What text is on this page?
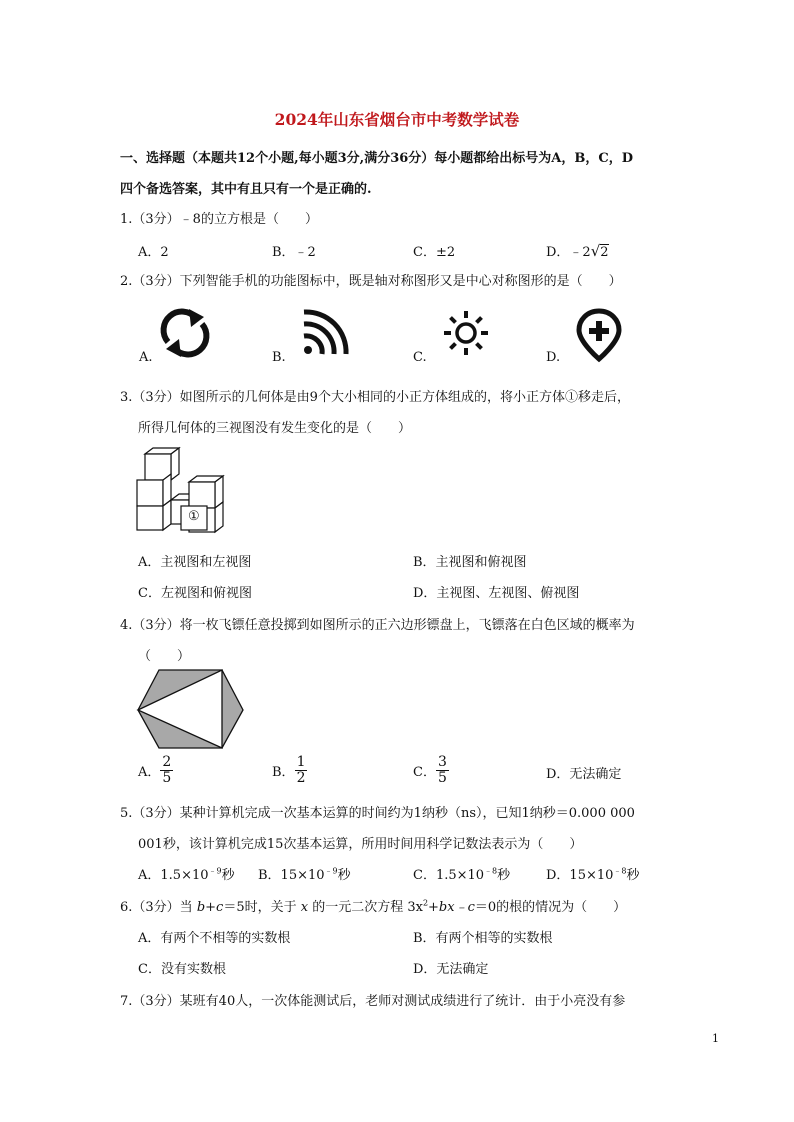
2024年山东省烟台市中考数学试卷
一、选择题（本题共12个小题,每小题3分,满分36分）每小题都给出标号为A，B，C，D
四个备选答案，其中有且只有一个是正确的.
1.（3分）﹣8的立方根是（　　）
A．2	B．﹣2	C．±2	D．﹣2√2
2.（3分）下列智能手机的功能图标中，既是轴对称图形又是中心对称图形的是（　　）
A.	B.	C.	D.
3.（3分）如图所示的几何体是由9个大小相同的小正方体组成的，将小正方体①移走后，
所得几何体的三视图没有发生变化的是（　　）
①
A．主视图和左视图	B．主视图和俯视图
C．左视图和俯视图	D．主视图、左视图、俯视图
4.（3分）将一枚飞镖任意投掷到如图所示的正六边形镖盘上，飞镖落在白色区域的概率为
（　　）
A． $\frac{2}{5}$	B． $\frac{1}{2}$	C． $\frac{3}{5}$	D．无法确定
5.（3分）某种计算机完成一次基本运算的时间约为1纳秒（ns），已知1纳秒＝0.000 000
001秒，该计算机完成15次基本运算，所用时间用科学记数法表示为（　　）
A．$1.5\times 10^{﹣9}$秒 B．$15\times 10^{﹣9}$秒	C．$1.5\times 10^{﹣8}$秒	D．$15\times 10^{﹣8}$秒
6.（3分）当 b+c＝5时，关于 x 的一元二次方程 $3x^2+bx﹣c=0$的根的情况为（　　）
A．有两个不相等的实数根	B．有两个相等的实数根
C．没有实数根	D．无法确定
7.（3分）某班有40人，一次体能测试后，老师对测试成绩进行了统计．由于小亮没有参
1
